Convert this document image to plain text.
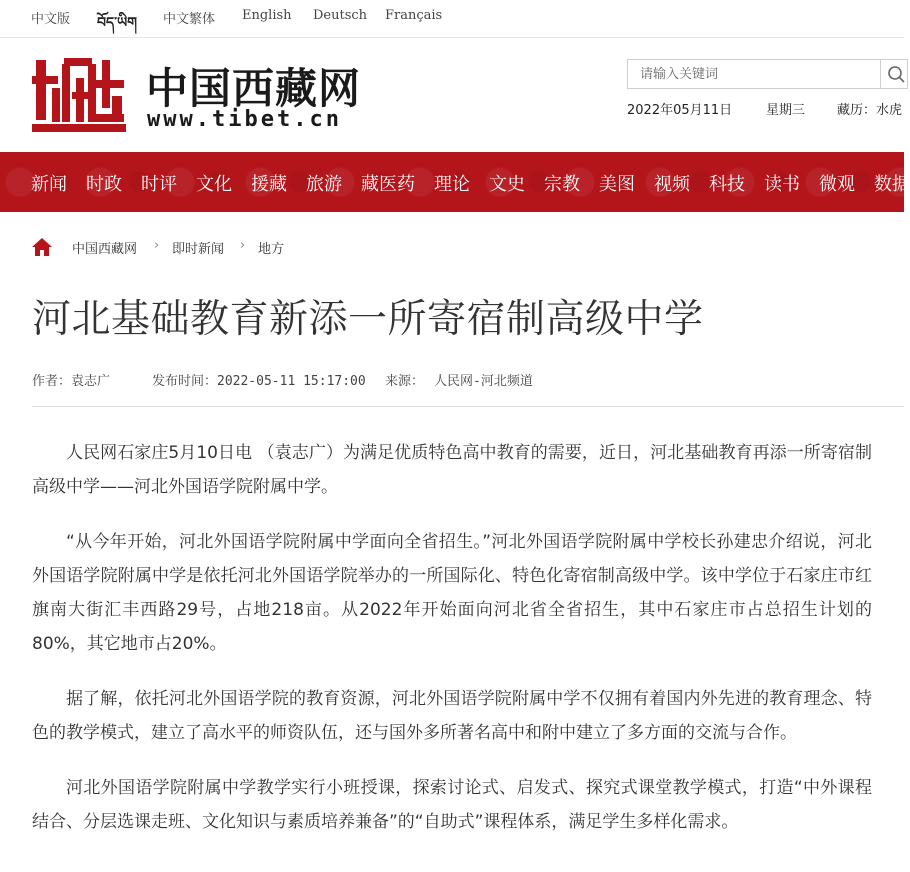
中文版 བོད་ཡིག 中文繁体 English Deutsch Français
中国西藏网
www.tibet.cn
请输入关键词	2022年05月11日	星期三 藏历：水虎
新闻 时政 时评 文化 援藏 旅游 藏医药 理论 文史 宗教 美图 视频 科技 读书 微观 数据
中国西藏网 › 即时新闻 › 地方
河北基础教育新添一所寄宿制高级中学
作者：袁志广	发布时间：2022-05-11 15:17:00 来源： 人民网-河北频道

人民网石家庄5月10日电 （袁志广）为满足优质特色高中教育的需要，近日，河北基础教育再添一所寄宿制高级中学——河北外国语学院附属中学。

“从今年开始，河北外国语学院附属中学面向全省招生。”河北外国语学院附属中学校长孙建忠介绍说，河北外国语学院附属中学是依托河北外国语学院举办的一所国际化、特色化寄宿制高级中学。该中学位于石家庄市红旗南大街汇丰西路29号，占地218亩。从2022年开始面向河北省全省招生，其中石家庄市占总招生计划的80%，其它地市占20%。

据了解，依托河北外国语学院的教育资源，河北外国语学院附属中学不仅拥有着国内外先进的教育理念、特色的教学模式，建立了高水平的师资队伍，还与国外多所著名高中和附中建立了多方面的交流与合作。

河北外国语学院附属中学教学实行小班授课，探索讨论式、启发式、探究式课堂教学模式，打造“中外课程结合、分层选课走班、文化知识与素质培养兼备”的“自助式”课程体系，满足学生多样化需求。
